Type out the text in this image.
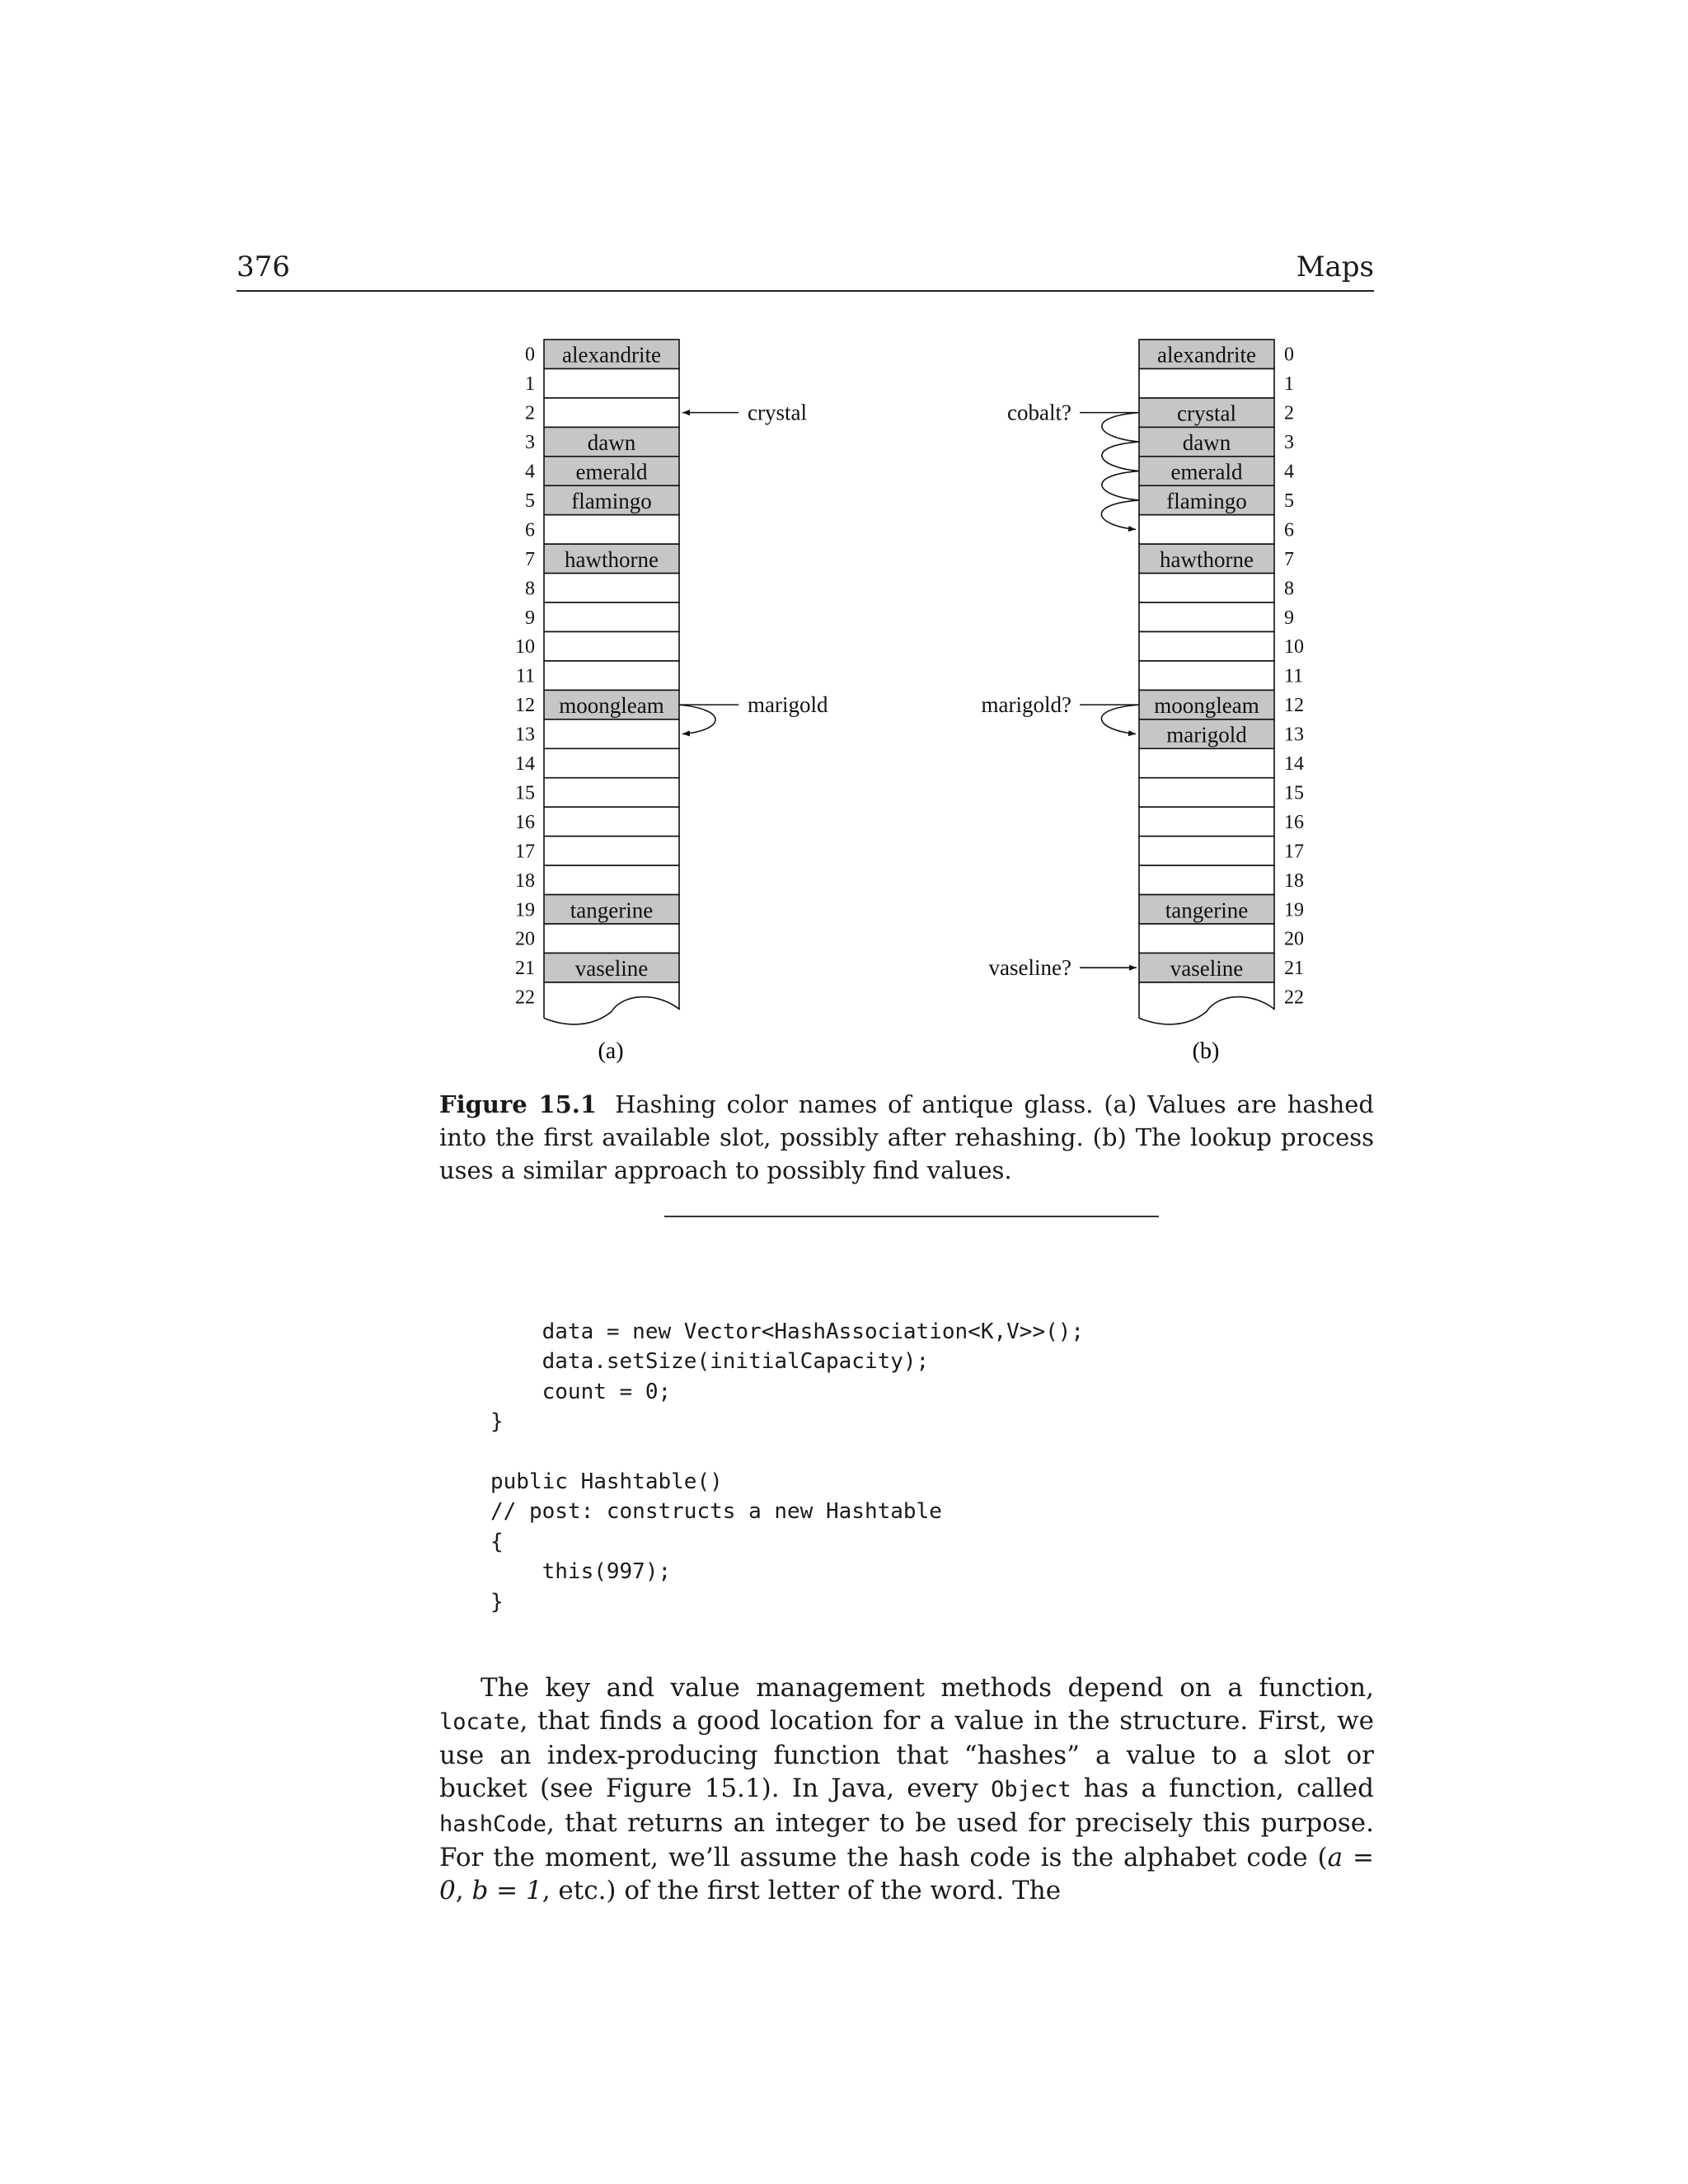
376	Maps
0 alexandrite
1
2
3 dawn
4 emerald
5 flamingo
6
7 hawthorne
8
9
10
11
12 moongleam
13
14
15
16
17
18
19 tangerine
20
21 vaseline
22
crystal
marigold
0
alexandrite
1
2
crystal
3
dawn
4
emerald
5
flamingo
6
7
hawthorne
8
9
10
11
12
moongleam
13
marigold
14
15
16
17
18
19
tangerine
20
21
vaseline
22
cobalt?
marigold?
vaseline?
(a)	(b)
Figure 15.1 Hashing color names of antique glass. (a) Values are hashed into the first available slot, possibly after rehashing. (b) The lookup process uses a similar approach to possibly find values.
data = new Vector<HashAssociation<K,V>>();
data.setSize(initialCapacity);
count = 0;
}

public Hashtable()
// post: constructs a new Hashtable
{
this(997);
}

The key and value management methods depend on a function, locate, that finds a good location for a value in the structure. First, we use an index-producing function that “hashes” a value to a slot or bucket (see Figure 15.1). In Java, every Object has a function, called hashCode, that returns an integer to be used for precisely this purpose. For the moment, we’ll assume the hash code is the alphabet code (a = 0, b = 1, etc.) of the first letter of the word. The
